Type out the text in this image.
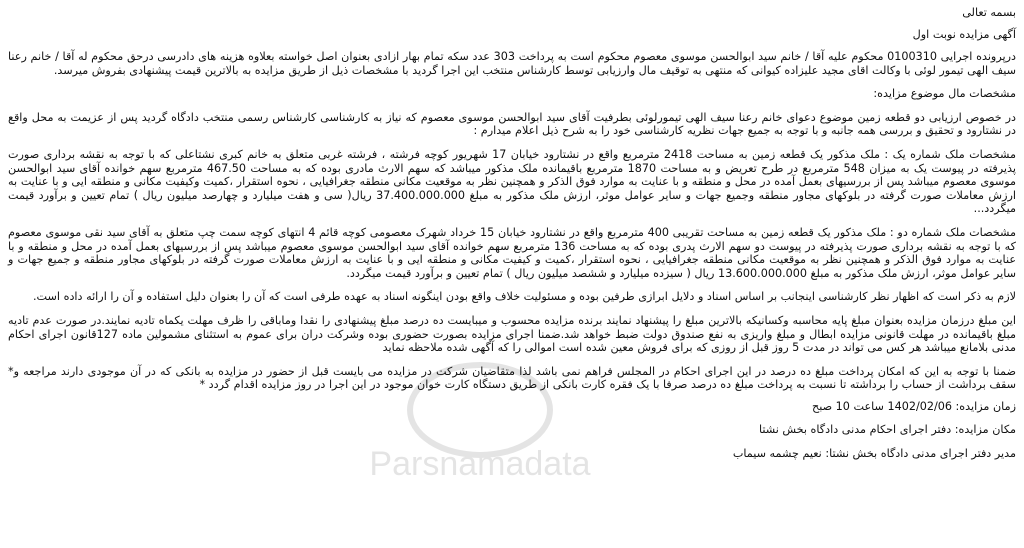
بسمه تعالی

آگهی مزایده نوبت اول

درپرونده اجرایی 0100310 محکوم علیه آقا / خانم سید ابوالحسن موسوی معصوم محکوم است به پرداخت 303 عدد سکه تمام بهار ازادی بعنوان اصل خواسته بعلاوه هزینه های دادرسی درحق محکوم له آقا / خانم رعنا سیف الهی تیمور لوئی با وکالت اقای مجید علیزاده کیوانی که منتهی به توقیف مال وارزیابی توسط کارشناس منتخب این اجرا گردید با مشخصات ذیل از طریق مزایده به بالاترین قیمت پیشنهادی بفروش میرسد.

مشخصات مال موضوع مزایده:

در خصوص ارزیابی دو قطعه زمین موضوع دعوای خانم رعنا سیف الهی تیمورلوئی بطرفیت آقای سید ابوالحسن موسوی معصوم که نیاز به کارشناسی کارشناس رسمی منتخب دادگاه گردید پس از عزیمت به محل واقع در نشتارود و تحقیق و بررسی همه جانبه و با توجه به جمیع جهات نظریه کارشناسی خود را به شرح ذیل اعلام میدارم :

مشخصات ملک شماره یک : ملک مذکور یک قطعه زمین به مساحت 2418 مترمربع واقع در نشتارود خیابان 17 شهریور کوچه فرشته ، فرشته غربی متعلق به خانم کبری نشتاعلی که با توجه به نقشه برداری صورت پذیرفته در پیوست یک به میزان 548 مترمربع در طرح تعریض و به مساحت 1870 مترمربع باقیمانده ملک مذکور میباشد که سهم الارث مادری بوده که به مساحت 467.50 مترمربع سهم خوانده آقای سید ابوالحسن موسوی معصوم میباشد پس از بررسیهای بعمل آمده در محل و منطقه و با عنایت به موارد فوق الذکر و همچنین نظر به موقعیت مکانی منطقه جغرافیایی ، نحوه استقرار ،کمیت وکیفیت مکانی و منطقه ایی و با عنایت به ارزش معاملات صورت گرفته در بلوکهای مجاور منطقه وجمیع جهات و سایر عوامل موثر، ارزش ملک مذکور به مبلغ 37.400.000.000 ریال( سی و هفت میلیارد و چهارصد میلیون ریال ) تمام تعیین و برآورد قیمت میگردد...

مشخصات ملک شماره دو : ملک مذکور یک قطعه زمین به مساحت تقریبی 400 مترمربع واقع در نشتارود خیابان 15 خرداد شهرک معصومی کوچه قائم 4 انتهای کوچه سمت چپ متعلق به آقای سید نقی موسوی معصوم که با توجه به نقشه برداری صورت پذیرفته در پیوست دو سهم الارث پدری بوده که به مساحت 136 مترمربع سهم خوانده آقای سید ابوالحسن موسوی معصوم میباشد پس از بررسیهای بعمل آمده در محل و منطقه و با عنایت به موارد فوق الذکر و همچنین نظر به موقعیت مکانی منطقه جغرافیایی ، نحوه استقرار ،کمیت و کیفیت مکانی و منطقه ایی و با عنایت به ارزش معاملات صورت گرفته در بلوکهای مجاور منطقه و جمیع جهات و سایر عوامل موثر، ارزش ملک مذکور به مبلغ 13.600.000.000 ریال ( سیزده میلیارد و ششصد میلیون ریال ) تمام تعیین و برآورد قیمت میگردد.

لازم به ذکر است که اظهار نظر کارشناسی اینجانب بر اساس اسناد و دلایل ابرازی طرفین بوده و مسئولیت خلاف واقع بودن اینگونه اسناد به عهده طرفی است که آن را بعنوان دلیل استفاده و آن را ارائه داده است.

این مبلغ درزمان مزایده بعنوان مبلغ پایه محاسبه وکسانیکه بالاترین مبلغ را پیشنهاد نمایند برنده مزایده محسوب و میبایست ده درصد مبلغ پیشنهادی را نقدا وماباقی را ظرف مهلت یکماه تادیه نمایند.در صورت عدم تادیه مبلغ باقیمانده در مهلت قانونی مزایده ابطال و مبلغ واریزی به نفع صندوق دولت ضبط خواهد شد.ضمنا اجرای مزایده بصورت حضوری بوده وشرکت دران برای عموم به استثنای مشمولین ماده 127قانون اجرای احکام مدنی بلامانع میباشد هر کس می تواند در مدت 5 روز قبل از روزی که برای فروش معین شده است اموالی را که آگهی شده ملاحظه نماید

ضمنا با توجه به این که امکان پرداخت مبلغ ده درصد در این اجرای احکام در المجلس فراهم نمی باشد لذا متقاضیان شرکت در مزایده می بایست قبل از حضور در مزایده به بانکی که در آن موجودی دارند مراجعه و* سقف برداشت از حساب را برداشته تا نسبت به پرداخت مبلغ ده درصد صرفا با یک فقره کارت بانکی از طریق دستگاه کارت خوان موجود در این اجرا در روز مزایده اقدام گردد *

زمان مزایده: 1402/02/06 ساعت 10 صبح

مکان مزایده: دفتر اجرای احکام مدنی دادگاه بخش نشتا

مدیر دفتر اجرای مدنی دادگاه بخش نشتا: نعیم چشمه سیماب

Parsnamadata
